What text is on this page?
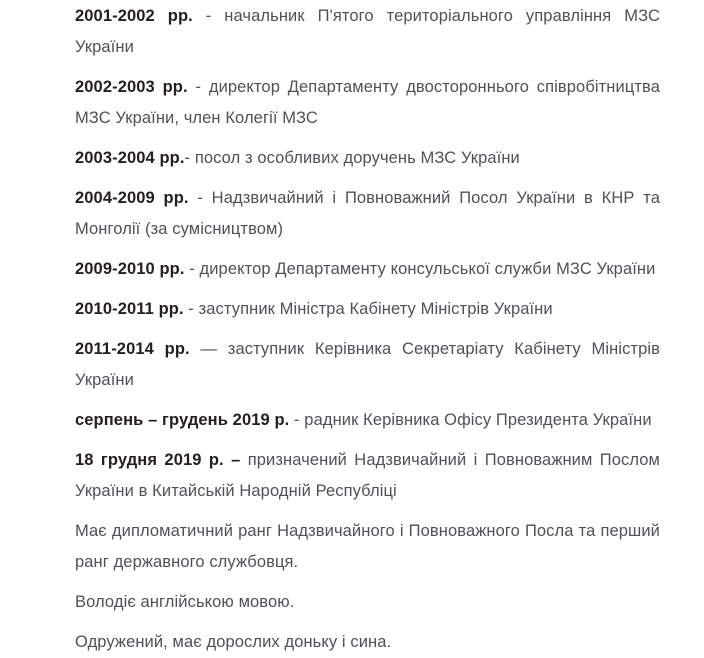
2001-2002 рр. - начальник П'ятого територіального управління МЗС України

2002-2003 рр. - директор Департаменту двостороннього співробітництва МЗС України, член Колегії МЗС

2003-2004 рр.- посол з особливих доручень МЗС України

2004-2009 рр. - Надзвичайний і Повноважний Посол України в КНР та Монголії (за сумісництвом)

2009-2010 рр. - директор Департаменту консульської служби МЗС України

2010-2011 рр. - заступник Міністра Кабінету Міністрів України

2011-2014 рр. — заступник Керівника Секретаріату Кабінету Міністрів України

серпень – грудень 2019 р. - радник Керівника Офісу Президента України

18 грудня 2019 р. – призначений Надзвичайний і Повноважним Послом України в Китайській Народній Республіці

Має дипломатичний ранг Надзвичайного і Повноважного Посла та перший ранг державного службовця.

Володіє англійською мовою.

Одружений, має дорослих доньку і сина.
